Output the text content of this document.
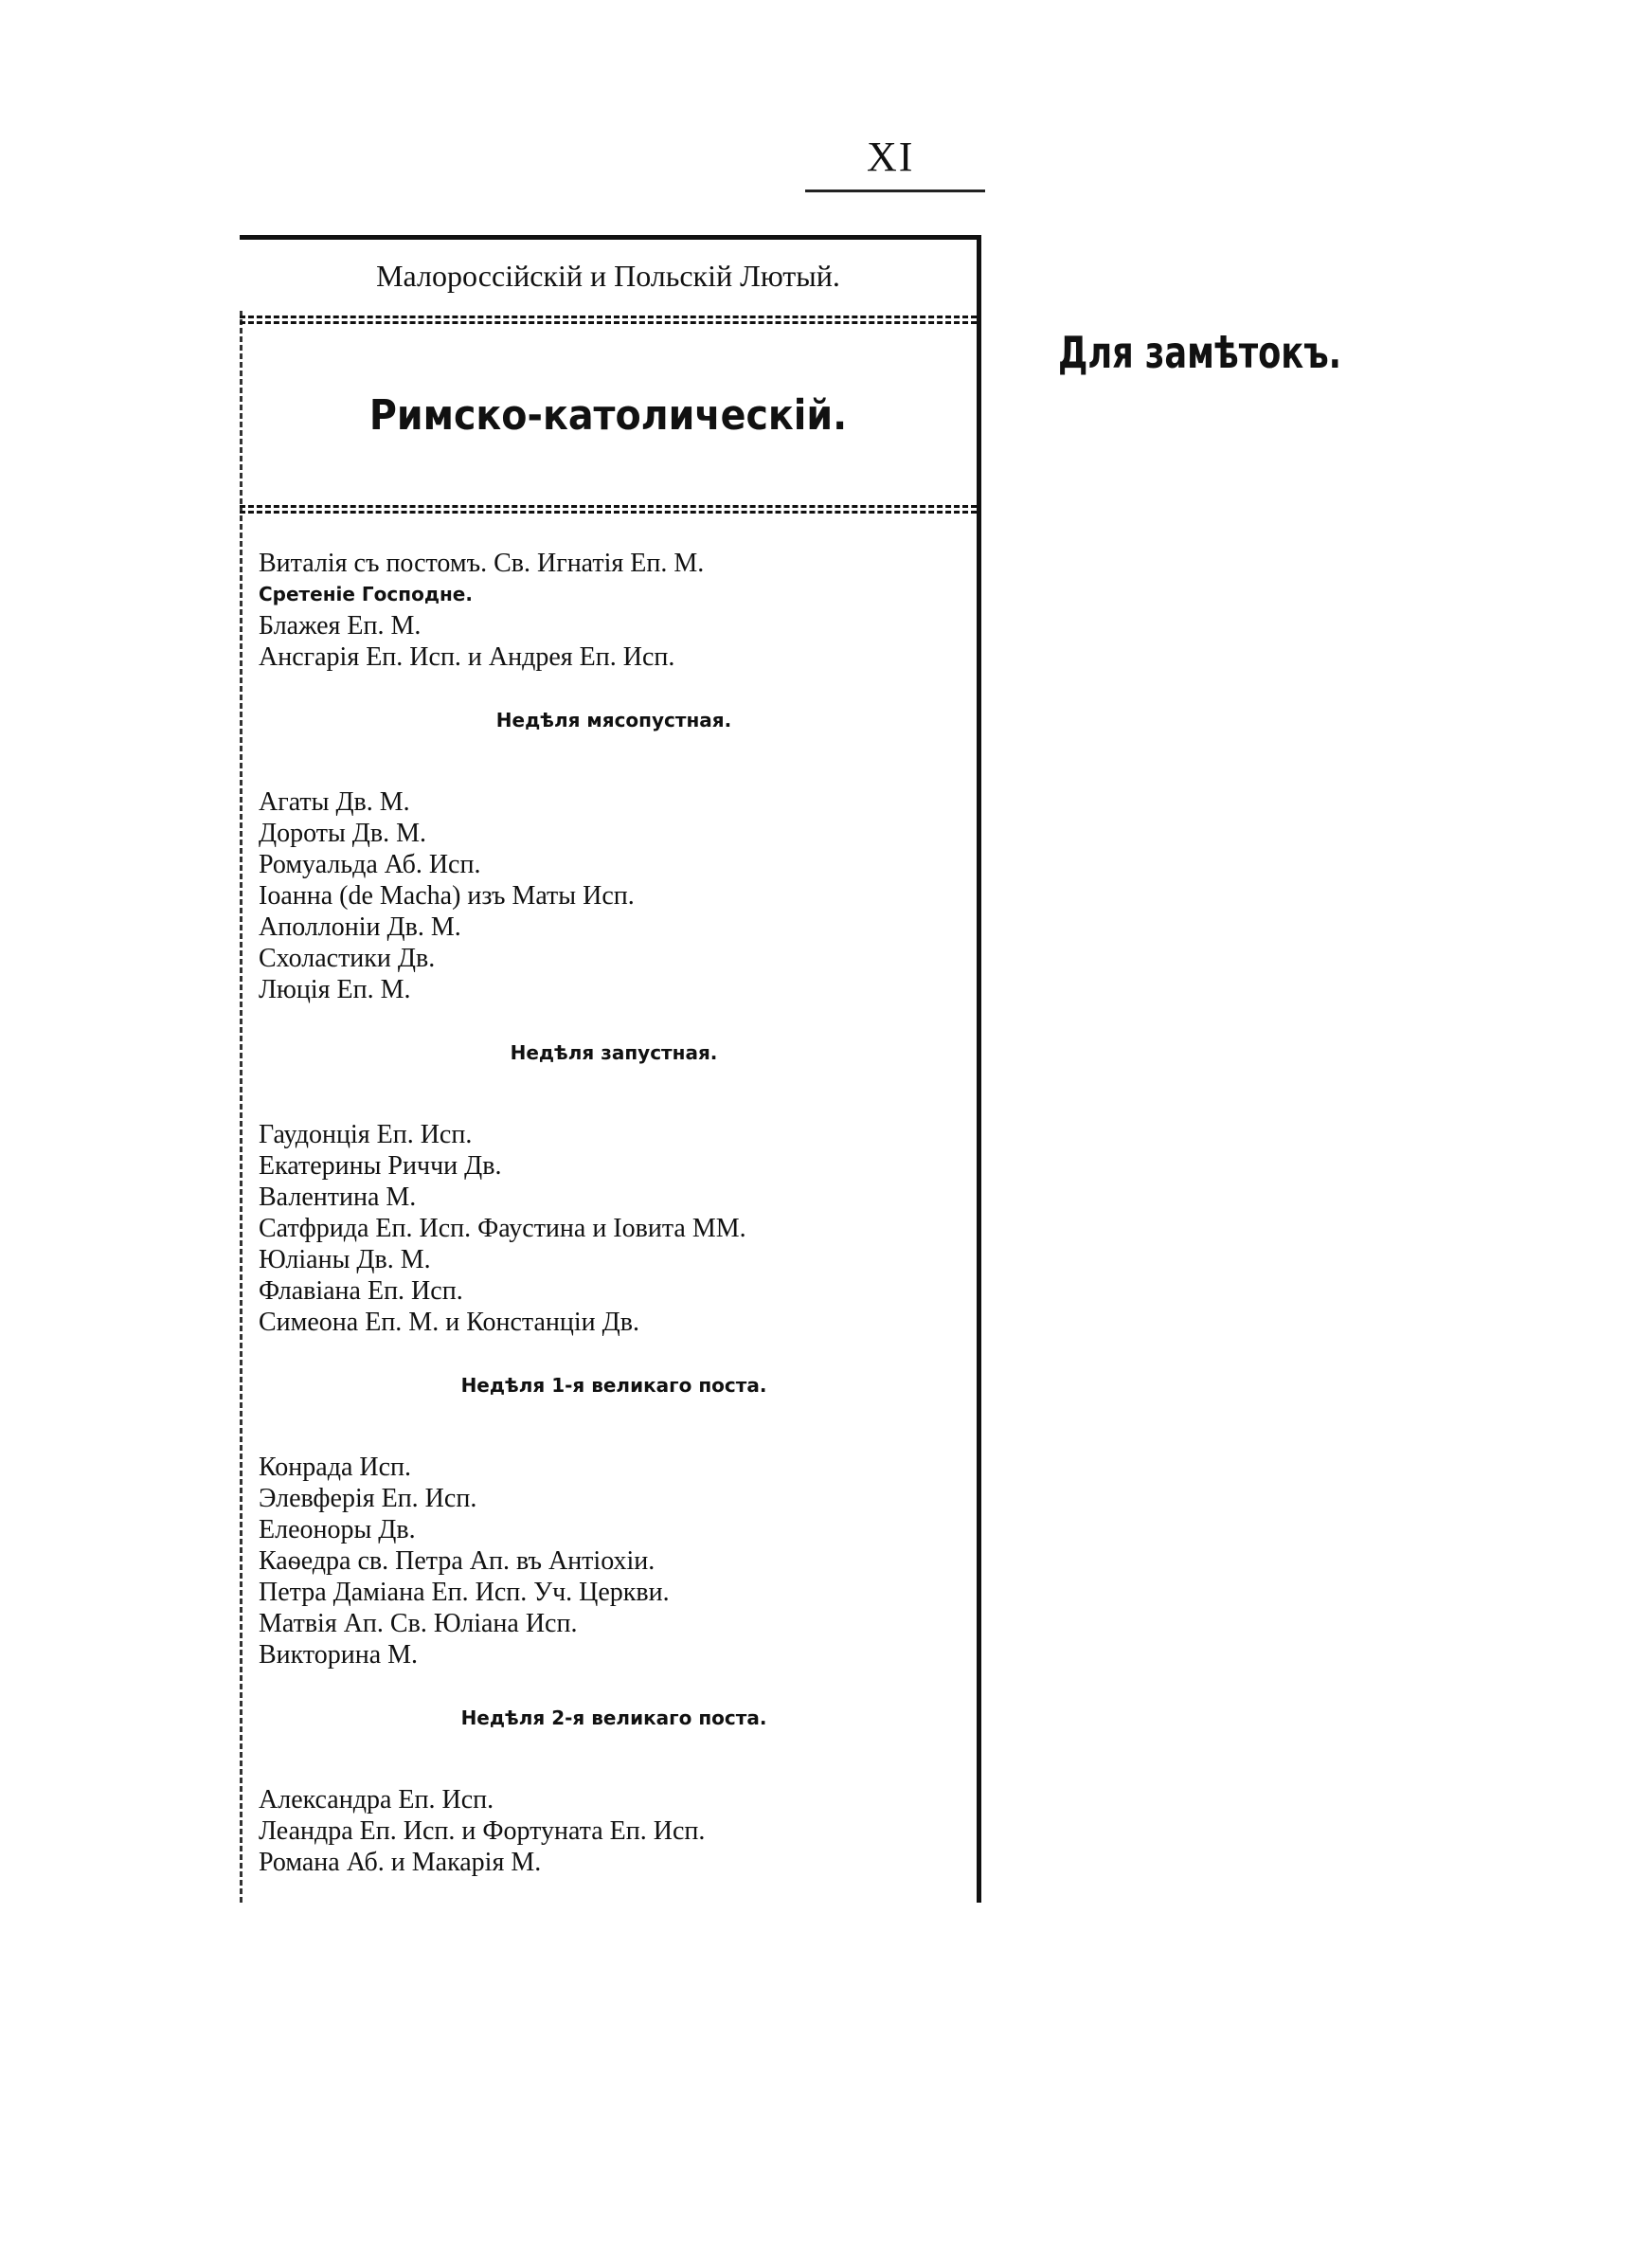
XI
Малороссійскій и Польскій Лютый.
Римско-католическій.
Виталія съ постомъ. Св. Игнатія Еп. М.
Сретеніе Господне.
Блажея Еп. М.
Ансгарія Еп. Исп. и Андрея Еп. Исп.
Недѣля мясопустная.
Агаты Дв. М.
Дороты Дв. М.
Ромуальда Аб. Исп.
Іоанна (de Macha) изъ Маты Исп.
Аполлоніи Дв. М.
Схоластики Дв.
Люція Еп. М.
Недѣля запустная.
Гаудонція Еп. Исп.
Екатерины Риччи Дв.
Валентина М.
Сатфрида Еп. Исп. Фаустина и Іовита ММ.
Юліаны Дв. М.
Флавіана Еп. Исп.
Симеона Еп. М. и Констанціи Дв.
Недѣля 1-я великаго поста.
Конрада Исп.
Элевферія Еп. Исп.
Елеоноры Дв.
Каѳедра св. Петра Ап. въ Антіохіи.
Петра Даміана Еп. Исп. Уч. Церкви.
Матвія Ап. Св. Юліана Исп.
Викторина М.
Недѣля 2-я великаго поста.
Александра Еп. Исп.
Леандра Еп. Исп. и Фортуната Еп. Исп.
Романа Аб. и Макарія М.
Для замѣтокъ.
